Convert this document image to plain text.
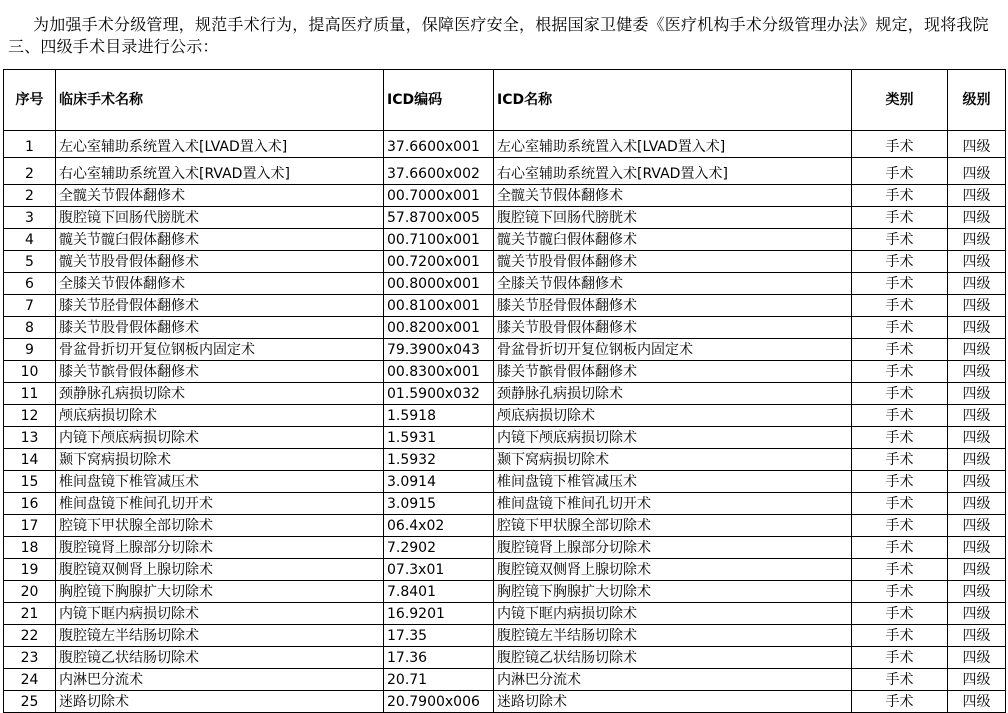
为加强手术分级管理，规范手术行为，提高医疗质量，保障医疗安全，根据国家卫健委《医疗机构手术分级管理办法》规定，现将我院三、四级手术目录进行公示：
序号	临床手术名称	ICD编码	ICD名称	类别	级别
1	左心室辅助系统置入术[LVAD置入术]	37.6600x001	左心室辅助系统置入术[LVAD置入术]	手术	四级
2	右心室辅助系统置入术[RVAD置入术]	37.6600x002	右心室辅助系统置入术[RVAD置入术]	手术	四级
2	全髋关节假体翻修术	00.7000x001	全髋关节假体翻修术	手术	四级
3	腹腔镜下回肠代膀胱术	57.8700x005	腹腔镜下回肠代膀胱术	手术	四级
4	髋关节髋臼假体翻修术	00.7100x001	髋关节髋臼假体翻修术	手术	四级
5	髋关节股骨假体翻修术	00.7200x001	髋关节股骨假体翻修术	手术	四级
6	全膝关节假体翻修术	00.8000x001	全膝关节假体翻修术	手术	四级
7	膝关节胫骨假体翻修术	00.8100x001	膝关节胫骨假体翻修术	手术	四级
8	膝关节股骨假体翻修术	00.8200x001	膝关节股骨假体翻修术	手术	四级
9	骨盆骨折切开复位钢板内固定术	79.3900x043	骨盆骨折切开复位钢板内固定术	手术	四级
10	膝关节髌骨假体翻修术	00.8300x001	膝关节髌骨假体翻修术	手术	四级
11	颈静脉孔病损切除术	01.5900x032	颈静脉孔病损切除术	手术	四级
12	颅底病损切除术	1.5918	颅底病损切除术	手术	四级
13	内镜下颅底病损切除术	1.5931	内镜下颅底病损切除术	手术	四级
14	颞下窝病损切除术	1.5932	颞下窝病损切除术	手术	四级
15	椎间盘镜下椎管减压术	3.0914	椎间盘镜下椎管减压术	手术	四级
16	椎间盘镜下椎间孔切开术	3.0915	椎间盘镜下椎间孔切开术	手术	四级
17	腔镜下甲状腺全部切除术	06.4x02	腔镜下甲状腺全部切除术	手术	四级
18	腹腔镜肾上腺部分切除术	7.2902	腹腔镜肾上腺部分切除术	手术	四级
19	腹腔镜双侧肾上腺切除术	07.3x01	腹腔镜双侧肾上腺切除术	手术	四级
20	胸腔镜下胸腺扩大切除术	7.8401	胸腔镜下胸腺扩大切除术	手术	四级
21	内镜下眶内病损切除术	16.9201	内镜下眶内病损切除术	手术	四级
22	腹腔镜左半结肠切除术	17.35	腹腔镜左半结肠切除术	手术	四级
23	腹腔镜乙状结肠切除术	17.36	腹腔镜乙状结肠切除术	手术	四级
24	内淋巴分流术	20.71	内淋巴分流术	手术	四级
25	迷路切除术	20.7900x006	迷路切除术	手术	四级
